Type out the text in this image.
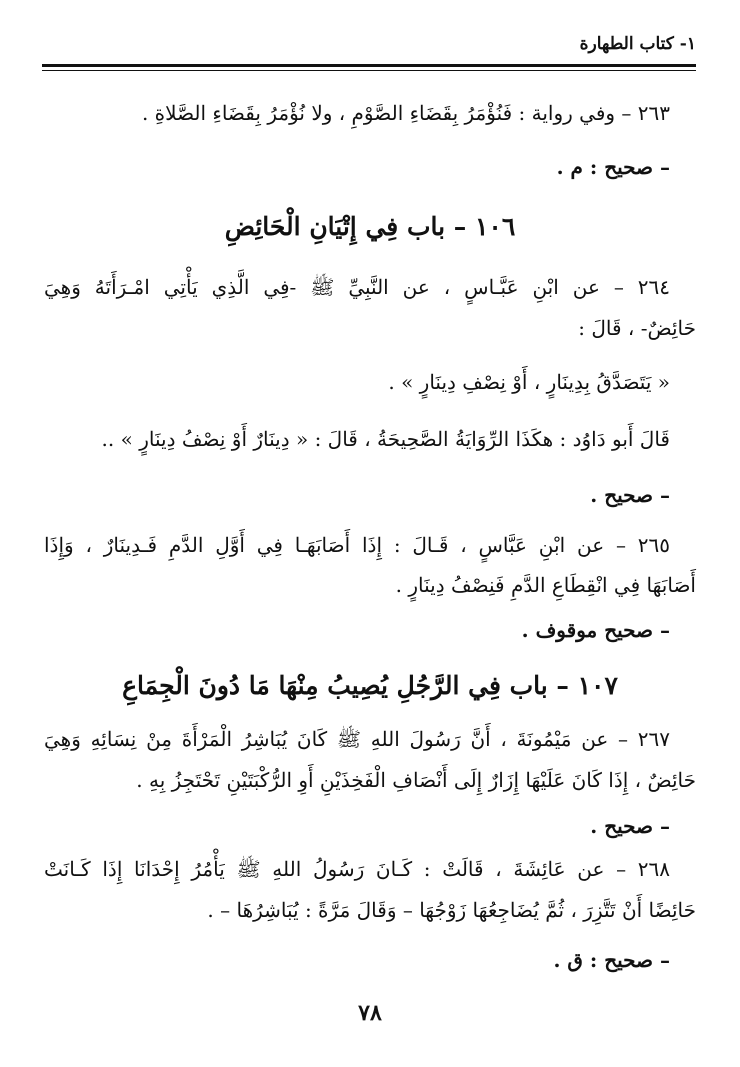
١- كتاب الطهارة
٢٦٣ – وفي رواية : فَنُؤْمَرُ بِقَضَاءِ الصَّوْمِ ، ولا نُؤْمَرُ بِقَضَاءِ الصَّلاةِ .
– صحيح : م .
١٠٦ – باب فِي إِتْيَانِ الْحَائِضِ
٢٦٤ – عن ابْنِ عَبَّـاسٍ ، عن النَّبِيِّ ﷺ -فِي الَّذِي يَأْتِي امْـرَأَتَهُ وَهِيَ
حَائِضٌ- ، قَالَ :
« يَتَصَدَّقُ بِدِينَارٍ ، أَوْ نِصْفِ دِينَارٍ » .
قَالَ أَبو دَاوُد : هكَذَا الرِّوَايَةُ الصَّحِيحَةُ ، قَالَ : « دِينَارٌ أَوْ نِصْفُ دِينَارٍ » ..
– صحيح .
٢٦٥ – عن ابْنِ عَبَّاسٍ ، قَـالَ : إِذَا أَصَابَهَـا فِي أَوَّلِ الدَّمِ فَـدِينَارٌ ، وَإِذَا
أَصَابَهَا فِي انْقِطَاعِ الدَّمِ فَنِصْفُ دِينَارٍ .
– صحيح موقوف .
١٠٧ – باب فِي الرَّجُلِ يُصِيبُ مِنْهَا مَا دُونَ الْجِمَاعِ
٢٦٧ – عن مَيْمُونَةَ ، أَنَّ رَسُولَ اللهِ ﷺ كَانَ يُبَاشِرُ الْمَرْأَةَ مِنْ نِسَائِهِ وَهِيَ
حَائِضٌ ، إِذَا كَانَ عَلَيْهَا إِزَارٌ إِلَى أَنْصَافِ الْفَخِذَيْنِ أَوِ الرُّكْبَتَيْنِ تَحْتَجِزُ بِهِ .
– صحيح .
٢٦٨ – عن عَائِشَةَ ، قَالَتْ : كَـانَ رَسُولُ اللهِ ﷺ يَأْمُرُ إِحْدَانَا إِذَا كَـانَتْ
حَائِضًا أَنْ تَتَّزِرَ ، ثُمَّ يُضَاجِعُهَا زَوْجُهَا – وَقَالَ مَرَّةً : يُبَاشِرُهَا – .
– صحيح : ق .
٧٨
